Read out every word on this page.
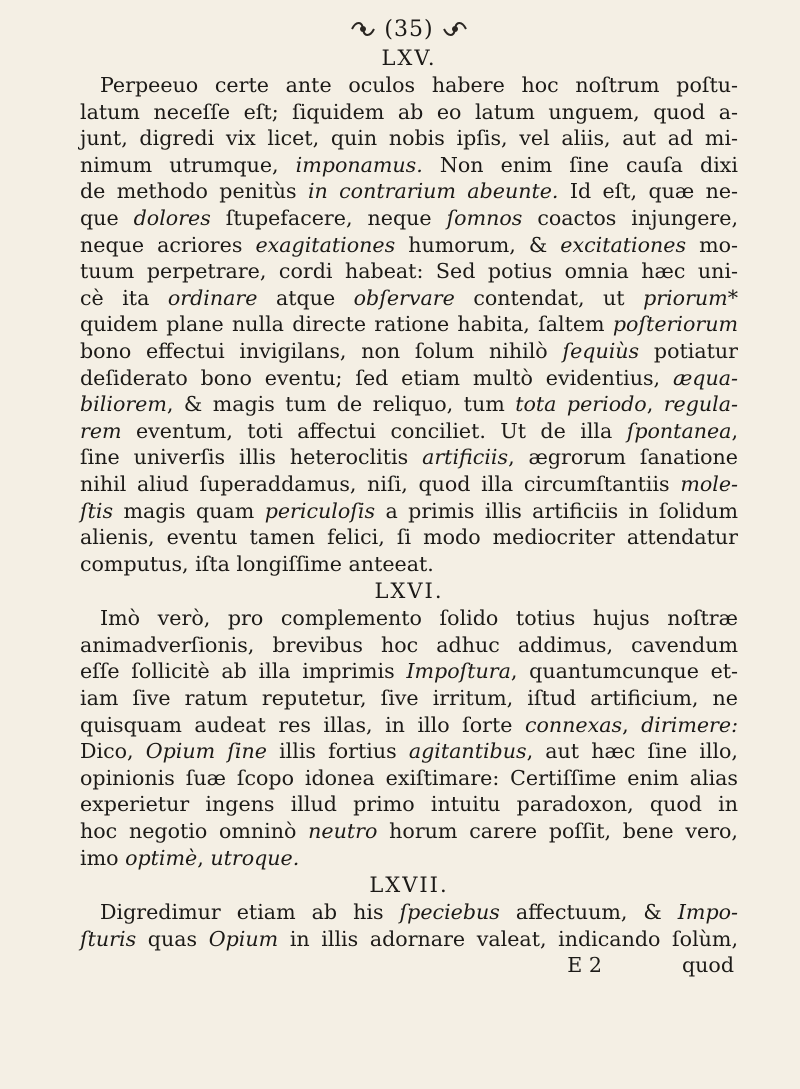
(35)

LXV.

Perpeeuo certe ante oculos habere hoc noſtrum poſtu-

latum neceſſe eſt; ſiquidem ab eo latum unguem, quod a-

junt, digredi vix licet, quin nobis ipſis, vel aliis, aut ad mi-

nimum utrumque, imponamus. Non enim ſine cauſa dixi

de methodo penitùs in contrarium abeunte. Id eſt, quæ ne-

que dolores ſtupefacere, neque ſomnos coactos injungere,

neque acriores exagitationes humorum, & excitationes mo-

tuum perpetrare, cordi habeat: Sed potius omnia hæc uni-

cè ita ordinare atque obſervare contendat, ut priorum*

quidem plane nulla directe ratione habita, ſaltem poſteriorum

bono effectui invigilans, non ſolum nihilò ſequiùs potiatur

deſiderato bono eventu; ſed etiam multò evidentius, æqua-

biliorem, & magis tum de reliquo, tum tota periodo, regula-

rem eventum, toti affectui conciliet. Ut de illa ſpontanea,

ſine univerſis illis heteroclitis artificiis, ægrorum ſanatione

nihil aliud ſuperaddamus, niſi, quod illa circumſtantiis mole-

ſtis magis quam periculoſis a primis illis artificiis in ſolidum

alienis, eventu tamen felici, ſi modo mediocriter attendatur

computus, iſta longiſſime anteeat.

LXVI.

Imò verò, pro complemento ſolido totius hujus noſtræ

animadverſionis, brevibus hoc adhuc addimus, cavendum

eſſe ſollicitè ab illa imprimis Impoſtura, quantumcunque et-

iam ſive ratum reputetur, ſive irritum, iſtud artificium, ne

quisquam audeat res illas, in illo ſorte connexas, dirimere:

Dico, Opium ſine illis fortius agitantibus, aut hæc ſine illo,

opinionis ſuæ ſcopo idonea exiſtimare: Certiſſime enim alias

experietur ingens illud primo intuitu paradoxon, quod in

hoc negotio omninò neutro horum carere poſſit, bene vero,

imo optimè, utroque.

LXVII.

Digredimur etiam ab his ſpeciebus affectuum, & Impo-

ſturis quas Opium in illis adornare valeat, indicando ſolùm,

E 2	quod
